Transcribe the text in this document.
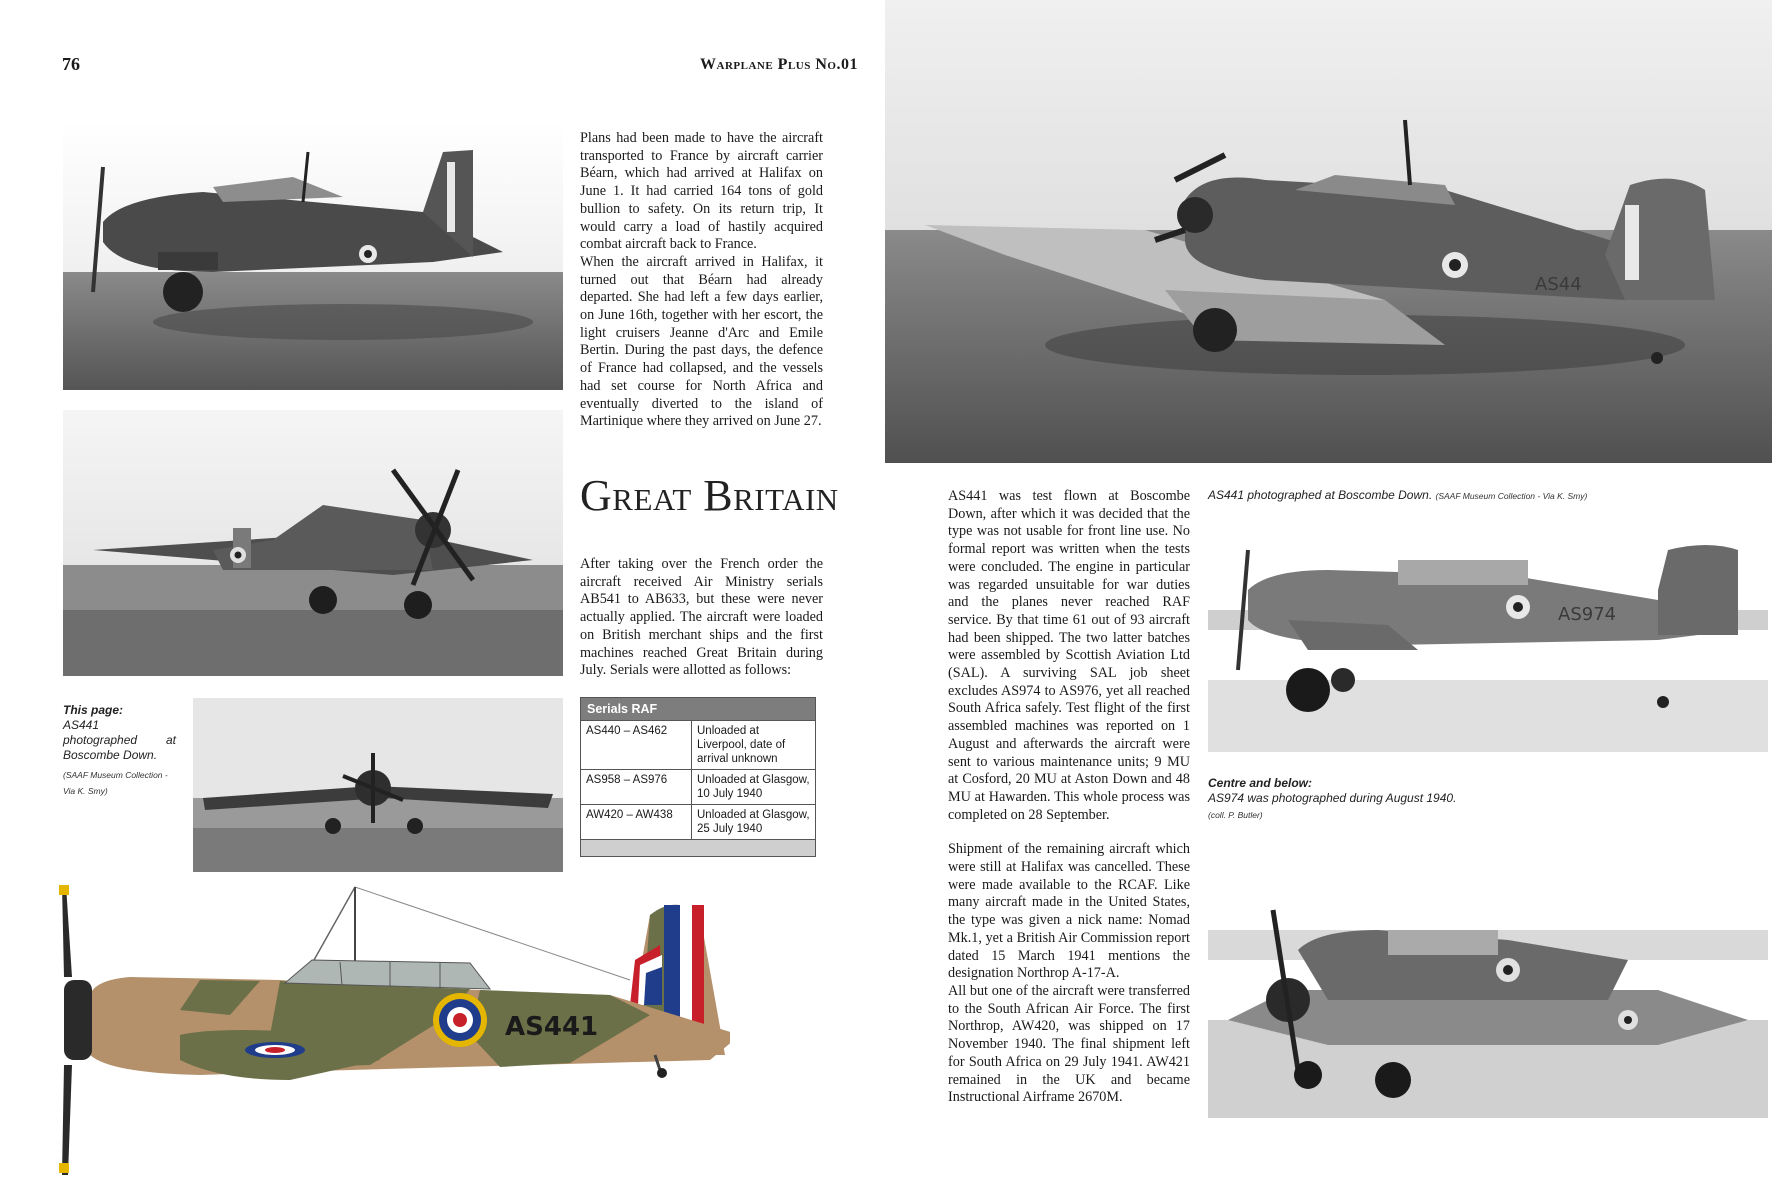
76	Warplane Plus No.01
This page:
AS441 photographed at Boscombe Down.
(SAAF Museum Collection - Via K. Smy)

Plans had been made to have the aircraft transported to France by aircraft carrier Béarn, which had arrived at Halifax on June 1. It had carried 164 tons of gold bullion to safety. On its return trip, It would carry a load of hastily acquired combat aircraft back to France.

When the aircraft arrived in Halifax, it turned out that Béarn had already departed. She had left a few days earlier, on June 16th, together with her escort, the light cruisers Jeanne d'Arc and Emile Bertin. During the past days, the defence of France had collapsed, and the vessels had set course for North Africa and eventually diverted to the island of Martinique where they arrived on June 27.

Great Britain
After taking over the French order the aircraft received Air Ministry serials AB541 to AB633, but these were never actually applied. The aircraft were loaded on British merchant ships and the first machines reached Great Britain during July. Serials were allotted as follows:
Serials RAF	
AS440 – AS462	Unloaded at Liverpool, date of arrival unknown
AS958 – AS976	Unloaded at Glasgow, 10 July 1940
AW420 – AW438	Unloaded at Glasgow, 25 July 1940

AS441
AS44

AS441 was test flown at Boscombe Down, after which it was decided that the type was not usable for front line use. No formal report was written when the tests were concluded. The engine in particular was regarded unsuitable for war duties and the planes never reached RAF service. By that time 61 out of 93 aircraft had been shipped. The two latter batches were assembled by Scottish Aviation Ltd (SAL). A surviving SAL job sheet excludes AS974 to AS976, yet all reached South Africa safely. Test flight of the first assembled machines was reported on 1 August and afterwards the aircraft were sent to various maintenance units; 9 MU at Cosford, 20 MU at Aston Down and 48 MU at Hawarden. This whole process was completed on 28 September.

Shipment of the remaining aircraft which were still at Halifax was cancelled. These were made available to the RCAF. Like many aircraft made in the United States, the type was given a nick name: Nomad Mk.1, yet a British Air Commission report dated 15 March 1941 mentions the designation Northrop A-17-A.

All but one of the aircraft were transferred to the South African Air Force. The first Northrop, AW420, was shipped on 17 November 1940. The final shipment left for South Africa on 29 July 1941. AW421 remained in the UK and became Instructional Airframe 2670M.

AS441 photographed at Boscombe Down. (SAAF Museum Collection - Via K. Smy)
AS974
Centre and below:
AS974 was photographed during August 1940.
(coll. P. Butler)
